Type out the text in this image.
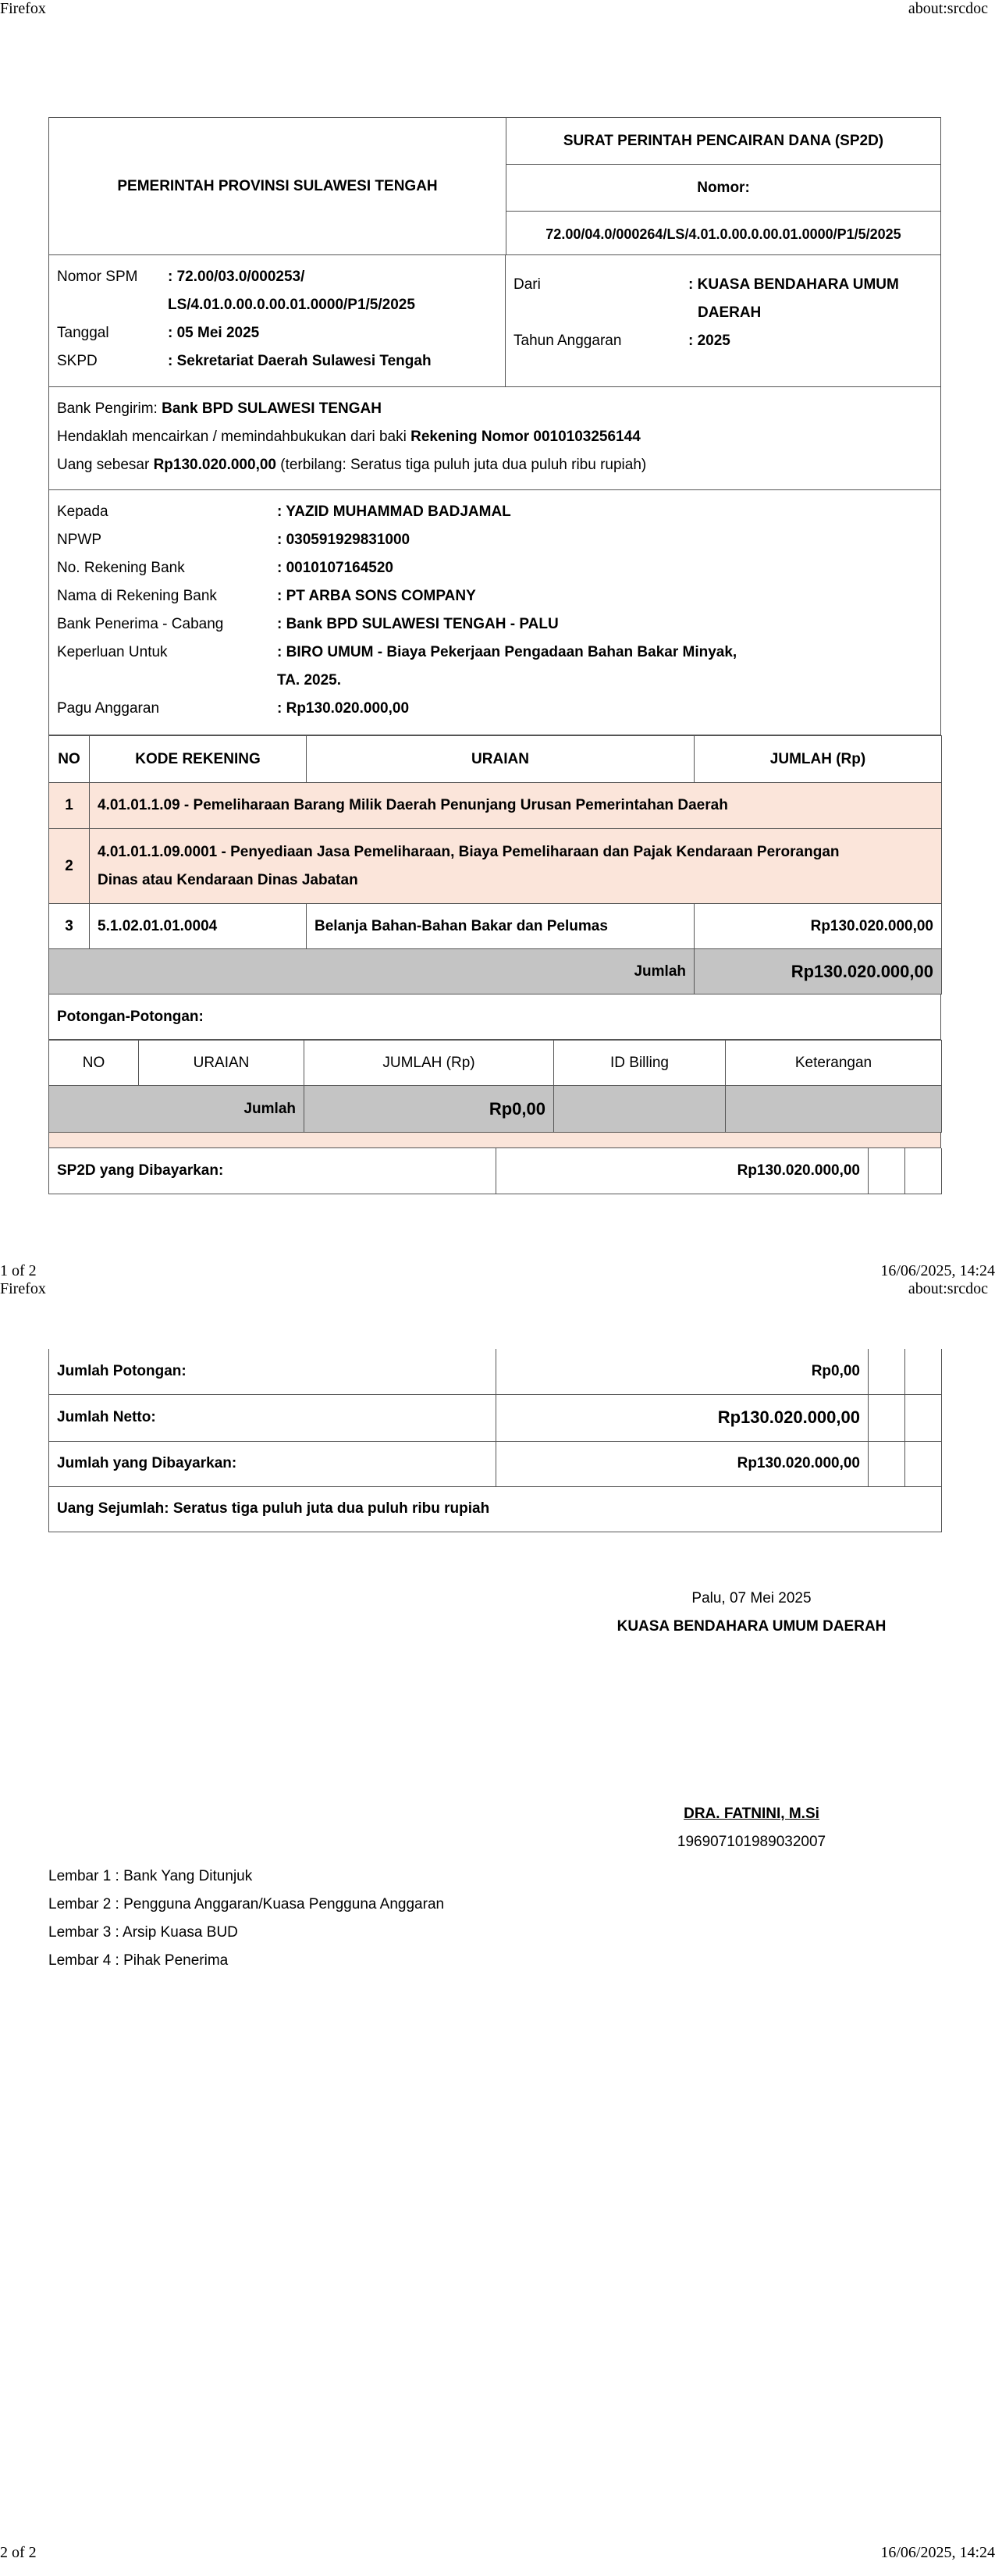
Firefox	about:srcdoc
1 of 2	16/06/2025, 14:24
Firefox	about:srcdoc
2 of 2	16/06/2025, 14:24
PEMERINTAH PROVINSI SULAWESI TENGAH
SURAT PERINTAH PENCAIRAN DANA (SP2D)
Nomor:
72.00/04.0/000264/LS/4.01.0.00.0.00.01.0000/P1/5/2025
Nomor SPM	: 72.00/03.0/000253/
LS/4.01.0.00.0.00.01.0000/P1/5/2025
Tanggal	: 05 Mei 2025
SKPD	: Sekretariat Daerah Sulawesi Tengah
Dari	: KUASA BENDAHARA UMUM
DAERAH
Tahun Anggaran	: 2025
Bank Pengirim: Bank BPD SULAWESI TENGAH
Hendaklah mencairkan / memindahbukukan dari baki Rekening Nomor 0010103256144
Uang sebesar Rp130.020.000,00 (terbilang: Seratus tiga puluh juta dua puluh ribu rupiah)
Kepada	: YAZID MUHAMMAD BADJAMAL
NPWP	: 030591929831000
No. Rekening Bank	: 0010107164520
Nama di Rekening Bank	: PT ARBA SONS COMPANY
Bank Penerima - Cabang	: Bank BPD SULAWESI TENGAH - PALU
Keperluan Untuk	: BIRO UMUM - Biaya Pekerjaan Pengadaan Bahan Bakar Minyak,
TA. 2025.
Pagu Anggaran	: Rp130.020.000,00
NO	KODE REKENING	URAIAN	JUMLAH (Rp)
1	4.01.01.1.09 - Pemeliharaan Barang Milik Daerah Penunjang Urusan Pemerintahan Daerah		
2	4.01.01.1.09.0001 - Penyediaan Jasa Pemeliharaan, Biaya Pemeliharaan dan Pajak Kendaraan Perorangan
Dinas atau Kendaraan Dinas Jabatan		

3	5.1.02.01.01.0004	Belanja Bahan-Bahan Bakar dan Pelumas	Rp130.020.000,00
Jumlah			Rp130.020.000,00
Potongan-Potongan:
NO	URAIAN	JUMLAH (Rp)	ID Billing	Keterangan
Jumlah		Rp0,00		
SP2D yang Dibayarkan:	Rp130.020.000,00		
Jumlah Potongan:	Rp0,00		
Jumlah Netto:	Rp130.020.000,00		
Jumlah yang Dibayarkan:	Rp130.020.000,00		
Uang Sejumlah: Seratus tiga puluh juta dua puluh ribu rupiah			
Palu, 07 Mei 2025
KUASA BENDAHARA UMUM DAERAH
DRA. FATNINI, M.Si
196907101989032007
Lembar 1 : Bank Yang Ditunjuk
Lembar 2 : Pengguna Anggaran/Kuasa Pengguna Anggaran
Lembar 3 : Arsip Kuasa BUD
Lembar 4 : Pihak Penerima
